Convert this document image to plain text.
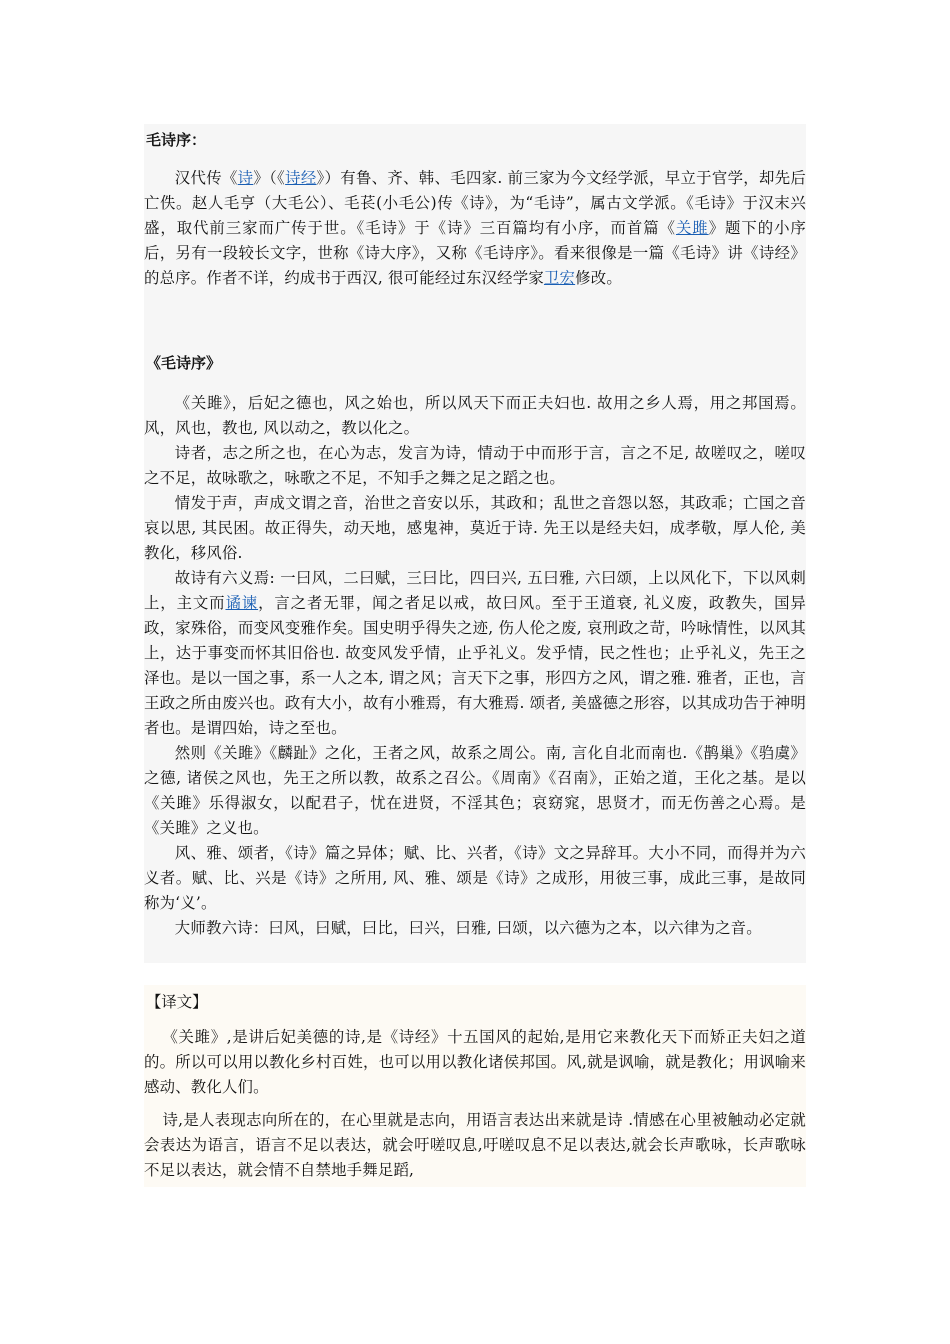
毛诗序：

汉代传《诗》（《诗经》）有鲁、齐、韩、毛四家. 前三家为今文经学派，早立于官学，却先后亡佚。赵人毛亨（大毛公）、毛苌(小毛公)传《诗》，为“毛诗”，属古文学派。《毛诗》于汉末兴盛，取代前三家而广传于世。《毛诗》于《诗》三百篇均有小序，而首篇《关雎》题下的小序后，另有一段较长文字，世称《诗大序》，又称《毛诗序》。看来很像是一篇《毛诗》讲《诗经》的总序。作者不详，约成书于西汉, 很可能经过东汉经学家卫宏修改。

《毛诗序》

《关雎》，后妃之德也，风之始也，所以风天下而正夫妇也. 故用之乡人焉，用之邦国焉。风，风也，教也, 风以动之，教以化之。

诗者，志之所之也，在心为志，发言为诗，情动于中而形于言，言之不足, 故嗟叹之，嗟叹之不足，故咏歌之，咏歌之不足，不知手之舞之足之蹈之也。

情发于声，声成文谓之音，治世之音安以乐，其政和；乱世之音怨以怒，其政乖；亡国之音哀以思, 其民困。故正得失，动天地，感鬼神，莫近于诗. 先王以是经夫妇，成孝敬，厚人伦, 美教化，移风俗.

故诗有六义焉: 一曰风，二曰赋，三曰比，四曰兴, 五曰雅, 六曰颂，上以风化下，下以风刺上，主文而谲谏，言之者无罪，闻之者足以戒，故曰风。至于王道衰, 礼义废，政教失，国异政，家殊俗，而变风变雅作矣。国史明乎得失之迹, 伤人伦之废, 哀刑政之苛，吟咏情性，以风其上，达于事变而怀其旧俗也. 故变风发乎情，止乎礼义。发乎情，民之性也；止乎礼义，先王之泽也。是以一国之事，系一人之本, 谓之风；言天下之事，形四方之风，谓之雅. 雅者，正也，言王政之所由废兴也。政有大小，故有小雅焉，有大雅焉. 颂者, 美盛德之形容，以其成功告于神明者也。是谓四始，诗之至也。

然则《关雎》《麟趾》之化，王者之风，故系之周公。南, 言化自北而南也.《鹊巢》《驺虞》之德, 诸侯之风也，先王之所以教，故系之召公。《周南》《召南》，正始之道，王化之基。是以《关雎》乐得淑女，以配君子，忧在进贤，不淫其色；哀窈窕，思贤才，而无伤善之心焉。是《关雎》之义也。

风、雅、颂者，《诗》篇之异体；赋、比、兴者，《诗》文之异辞耳。大小不同，而得并为六义者。赋、比、兴是《诗》之所用, 风、雅、颂是《诗》之成形，用彼三事，成此三事，是故同称为‘义’。

大师教六诗：曰风，曰赋，曰比，曰兴，曰雅, 曰颂，以六德为之本，以六律为之音。

【译文】

《关雎》,是讲后妃美德的诗,是《诗经》十五国风的起始,是用它来教化天下而矫正夫妇之道的。所以可以用以教化乡村百姓，也可以用以教化诸侯邦国。风,就是讽喻，就是教化；用讽喻来感动、教化人们。

诗,是人表现志向所在的，在心里就是志向，用语言表达出来就是诗 .情感在心里被触动必定就会表达为语言，语言不足以表达，就会吁嗟叹息,吁嗟叹息不足以表达,就会长声歌咏，长声歌咏不足以表达，就会情不自禁地手舞足蹈,
